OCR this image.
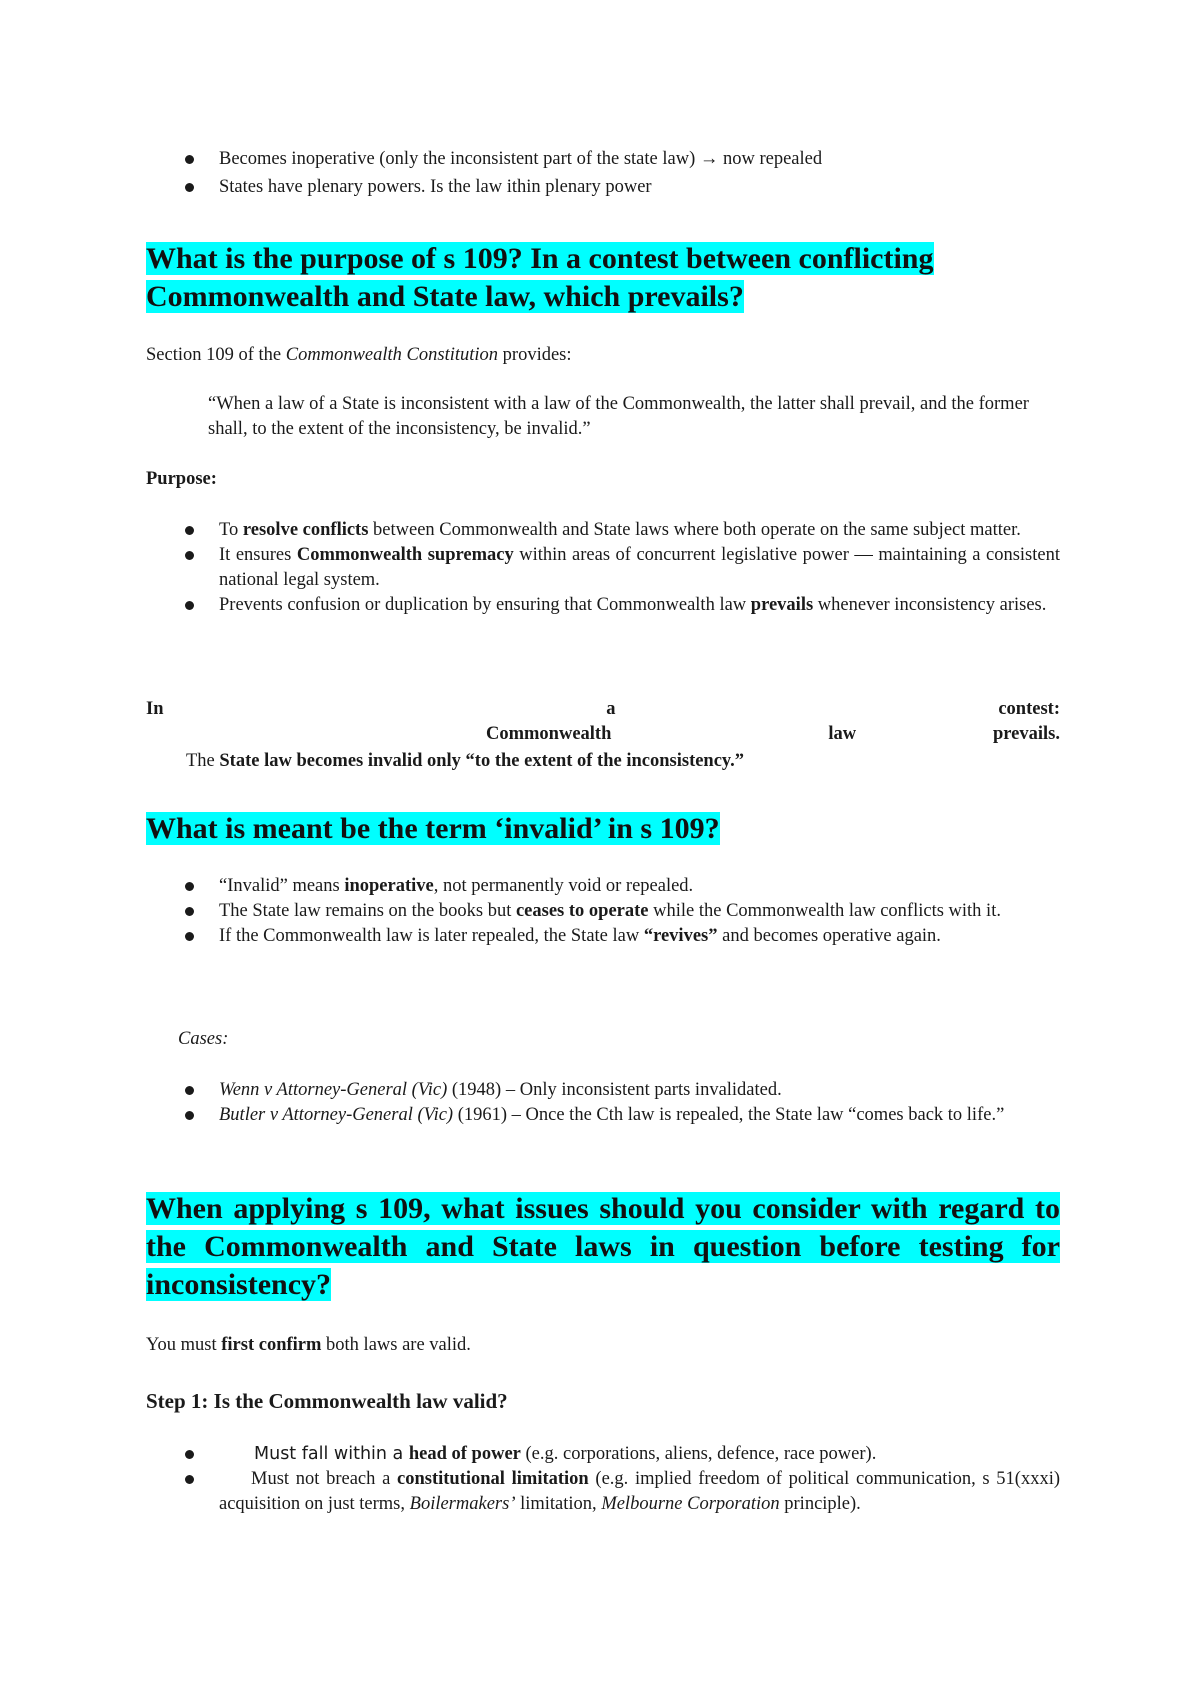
Becomes inoperative (only the inconsistent part of the state law) → now repealed
States have plenary powers. Is the law ithin plenary power
What is the purpose of s 109? In a contest between conflicting Commonwealth and State law, which prevails?

Section 109 of the Commonwealth Constitution provides:

“When a law of a State is inconsistent with a law of the Commonwealth, the latter shall prevail, and the former shall, to the extent of the inconsistency, be invalid.”

Purpose:

To resolve conflicts between Commonwealth and State laws where both operate on the same subject matter.
It ensures Commonwealth supremacy within areas of concurrent legislative power — maintaining a consistent national legal system.
Prevents confusion or duplication by ensuring that Commonwealth law prevails whenever inconsistency arises.
In	a	contest:
Commonwealth	law	prevails.

The State law becomes invalid only “to the extent of the inconsistency.”

What is meant be the term ‘invalid’ in s 109?
“Invalid” means inoperative, not permanently void or repealed.
The State law remains on the books but ceases to operate while the Commonwealth law conflicts with it.
If the Commonwealth law is later repealed, the State law “revives” and becomes operative again.

Cases:

Wenn v Attorney-General (Vic) (1948) – Only inconsistent parts invalidated.
Butler v Attorney-General (Vic) (1961) – Once the Cth law is repealed, the State law “comes back to life.”
When applying s 109, what issues should you consider with regard to the Commonwealth and State laws in question before testing for inconsistency?

You must first confirm both laws are valid.

Step 1: Is the Commonwealth law valid?
Must fall within a head of power (e.g. corporations, aliens, defence, race power).
Must not breach a constitutional limitation (e.g. implied freedom of political communication, s 51(xxxi) acquisition on just terms, Boilermakers’ limitation, Melbourne Corporation principle).
